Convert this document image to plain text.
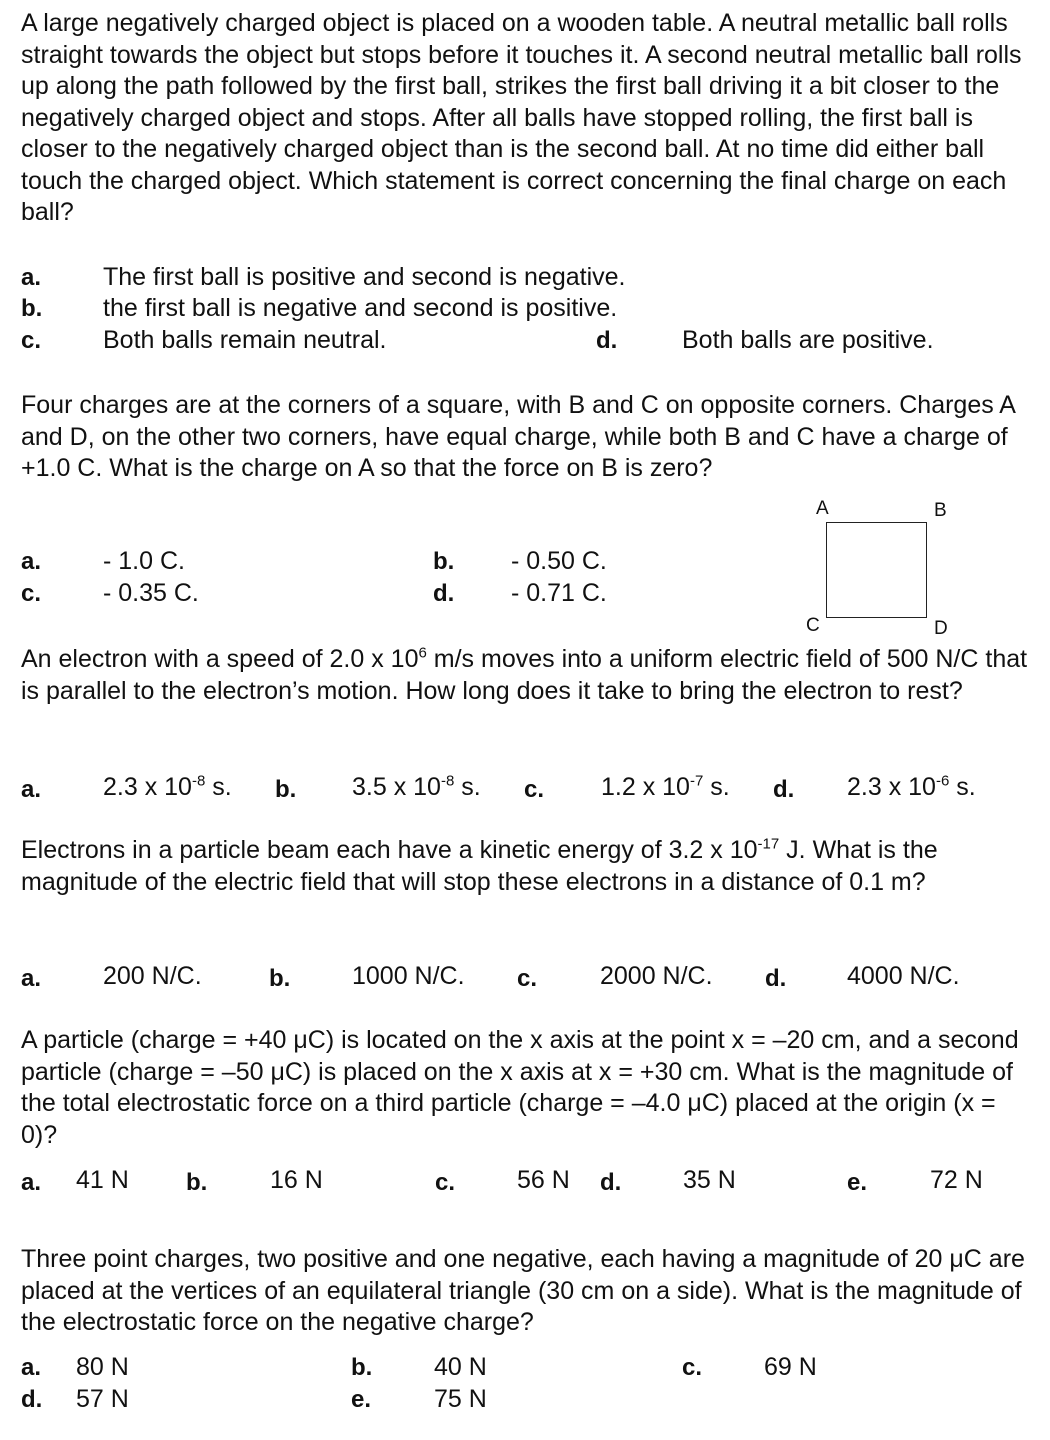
A large negatively charged object is placed on a wooden table. A neutral metallic ball rolls straight towards the object but stops before it touches it. A second neutral metallic ball rolls up along the path followed by the first ball, strikes the first ball driving it a bit closer to the negatively charged object and stops. After all balls have stopped rolling, the first ball is closer to the negatively charged object than is the second ball. At no time did either ball touch the charged object. Which statement is correct concerning the final charge on each ball?

a. The first ball is positive and second is negative.
b. the first ball is negative and second is positive.
c. Both balls remain neutral.	d.	Both balls are positive.

Four charges are at the corners of a square, with B and C on opposite corners. Charges A and D, on the other two corners, have equal charge, while both B and C have a charge of +1.0 C. What is the charge on A so that the force on B is zero?

a. - 1.0 C.	b. - 0.50 C.
c. - 0.35 C.	d. - 0.71 C.
A	B
C	D

An electron with a speed of 2.0 x $10^6$ m/s moves into a uniform electric field of 500 N/C that is parallel to the electron’s motion. How long does it take to bring the electron to rest?

a. 2.3 x $10^{-8}$ s. b. 3.5 x $10^{-8}$ s. c. 1.2 x $10^{-7}$ s. d. 2.3 x $10^{-6}$ s.

Electrons in a particle beam each have a kinetic energy of 3.2 x $10^{-17}$ J. What is the magnitude of the electric field that will stop these electrons in a distance of 0.1 m?

a. 200 N/C.	b. 1000 N/C. c.	2000 N/C. d. 4000 N/C.

A particle (charge = +40 μC) is located on the x axis at the point x = –20 cm, and a second particle (charge = –50 μC) is placed on the x axis at x = +30 cm. What is the magnitude of the total electrostatic force on a third particle (charge = –4.0 μC) placed at the origin (x = 0)?

a. 41 N b.	16 N	c. 56 N d. 35 N	e.	72 N

Three point charges, two positive and one negative, each having a magnitude of 20 μC are placed at the vertices of an equilateral triangle (30 cm on a side). What is the magnitude of the electrostatic force on the negative charge?

a. 80 N	b. 40 N	c. 69 N
d. 57 N	e.	75 N
